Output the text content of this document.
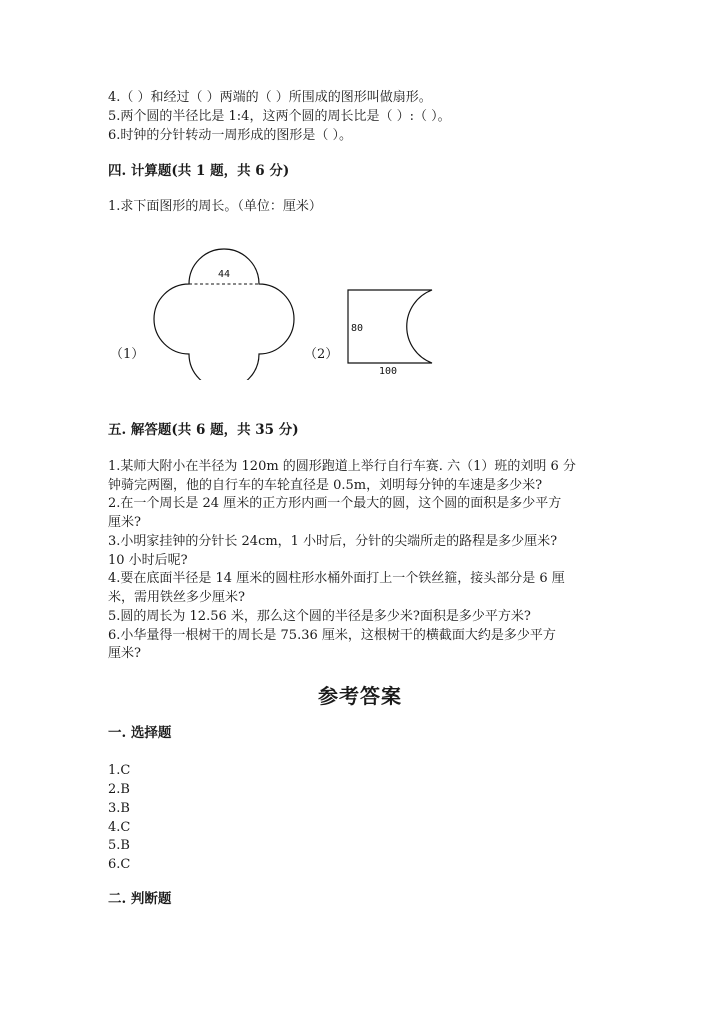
4.（ ）和经过（ ）两端的（ ）所围成的图形叫做扇形。
5.两个圆的半径比是 1:4，这两个圆的周长比是（ ）:（ ）。
6.时钟的分针转动一周形成的图形是（ ）。
四. 计算题(共 1 题，共 6 分)
1.求下面图形的周长。（单位：厘米）
（1）
44
（2）
80
100
五. 解答题(共 6 题，共 35 分)
1.某师大附小在半径为 120m 的圆形跑道上举行自行车赛. 六（1）班的刘明 6 分
钟骑完两圈，他的自行车的车轮直径是 0.5m，刘明每分钟的车速是多少米?
2.在一个周长是 24 厘米的正方形内画一个最大的圆，这个圆的面积是多少平方
厘米?
3.小明家挂钟的分针长 24cm，1 小时后，分针的尖端所走的路程是多少厘米?
10 小时后呢?
4.要在底面半径是 14 厘米的圆柱形水桶外面打上一个铁丝箍，接头部分是 6 厘
米，需用铁丝多少厘米?
5.圆的周长为 12.56 米，那么这个圆的半径是多少米?面积是多少平方米?
6.小华量得一根树干的周长是 75.36 厘米，这根树干的横截面大约是多少平方
厘米?
参考答案
一. 选择题
1.C
2.B
3.B
4.C
5.B
6.C
二. 判断题
